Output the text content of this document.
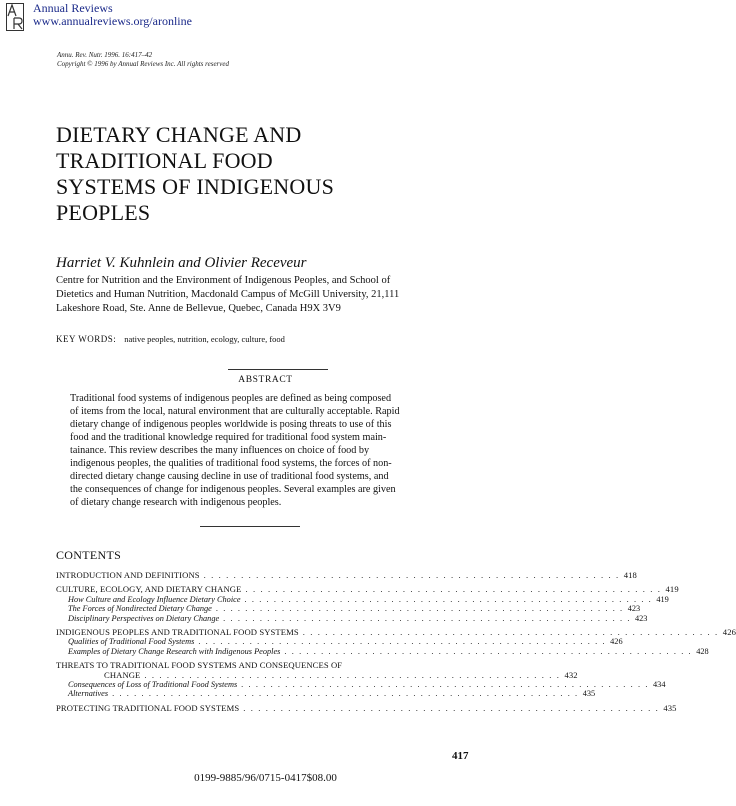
Annual Reviews
www.annualreviews.org/aronline
Annu. Rev. Nutr. 1996. 16:417–42
Copyright © 1996 by Annual Reviews Inc. All rights reserved
DIETARY CHANGE AND
TRADITIONAL FOOD
SYSTEMS OF INDIGENOUS
PEOPLES
Harriet V. Kuhnlein and Olivier Receveur
Centre for Nutrition and the Environment of Indigenous Peoples, and School of
Dietetics and Human Nutrition, Macdonald Campus of McGill University, 21,111
Lakeshore Road, Ste. Anne de Bellevue, Quebec, Canada H9X 3V9
KEY WORDS: native peoples, nutrition, ecology, culture, food
ABSTRACT
Traditional food systems of indigenous peoples are defined as being composed
of items from the local, natural environment that are culturally acceptable. Rapid
dietary change of indigenous peoples worldwide is posing threats to use of this
food and the traditional knowledge required for traditional food system main-
tainance. This review describes the many influences on choice of food by
indigenous peoples, the qualities of traditional food systems, the forces of non-
directed dietary change causing decline in use of traditional food systems, and
the consequences of change for indigenous peoples. Several examples are given
of dietary change research with indigenous peoples.
CONTENTS
INTRODUCTION AND DEFINITIONS . . . . . . . . . . . . . . . . . . . . . . . . . . . . . . . . . . . . . . . . . . . . . . . . . . . . . . . . 418
CULTURE, ECOLOGY, AND DIETARY CHANGE . . . . . . . . . . . . . . . . . . . . . . . . . . . . . . . . . . . . . . . . . . . . . . . . . . . . . . . . 419
How Culture and Ecology Influence Dietary Choice . . . . . . . . . . . . . . . . . . . . . . . . . . . . . . . . . . . . . . . . . . . . . . . . . . . . . . . . 419
The Forces of Nondirected Dietary Change . . . . . . . . . . . . . . . . . . . . . . . . . . . . . . . . . . . . . . . . . . . . . . . . . . . . . . . . 423
Disciplinary Perspectives on Dietary Change . . . . . . . . . . . . . . . . . . . . . . . . . . . . . . . . . . . . . . . . . . . . . . . . . . . . . . . . 423
INDIGENOUS PEOPLES AND TRADITIONAL FOOD SYSTEMS . . . . . . . . . . . . . . . . . . . . . . . . . . . . . . . . . . . . . . . . . . . . . . . . . . . . . . . . 426
Qualities of Traditional Food Systems . . . . . . . . . . . . . . . . . . . . . . . . . . . . . . . . . . . . . . . . . . . . . . . . . . . . . . . . 426
Examples of Dietary Change Research with Indigenous Peoples . . . . . . . . . . . . . . . . . . . . . . . . . . . . . . . . . . . . . . . . . . . . . . . . . . . . . . . . 428
THREATS TO TRADITIONAL FOOD SYSTEMS AND CONSEQUENCES OF
CHANGE . . . . . . . . . . . . . . . . . . . . . . . . . . . . . . . . . . . . . . . . . . . . . . . . . . . . . . . . 432
Consequences of Loss of Traditional Food Systems . . . . . . . . . . . . . . . . . . . . . . . . . . . . . . . . . . . . . . . . . . . . . . . . . . . . . . . . 434
Alternatives . . . . . . . . . . . . . . . . . . . . . . . . . . . . . . . . . . . . . . . . . . . . . . . . . . . . . . . . . . . . . . . . 435
PROTECTING TRADITIONAL FOOD SYSTEMS . . . . . . . . . . . . . . . . . . . . . . . . . . . . . . . . . . . . . . . . . . . . . . . . . . . . . . . . 435
417
0199-9885/96/0715-0417$08.00
